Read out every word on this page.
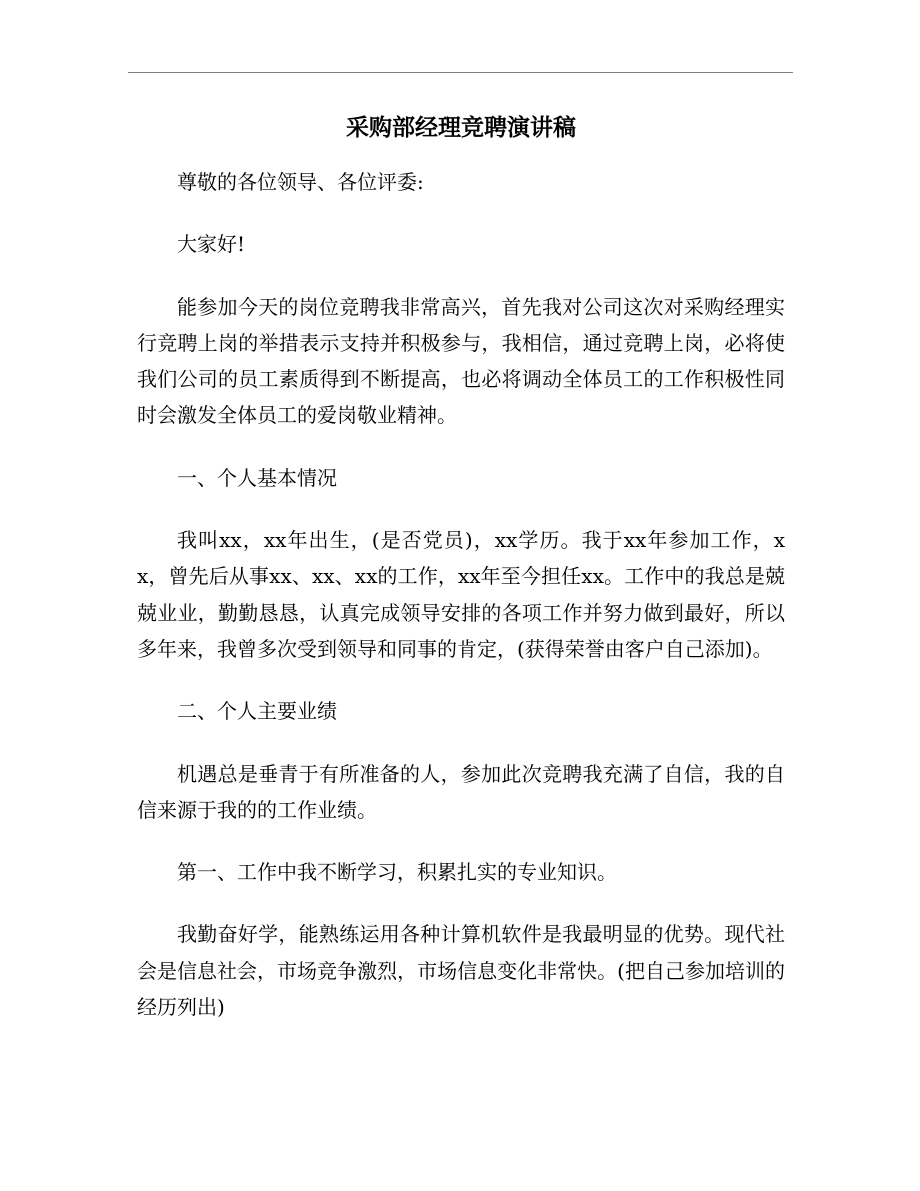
采购部经理竞聘演讲稿

尊敬的各位领导、各位评委:

大家好!

能参加今天的岗位竞聘我非常高兴，首先我对公司这次对采购经理实行竞聘上岗的举措表示支持并积极参与，我相信，通过竞聘上岗，必将使我们公司的员工素质得到不断提高，也必将调动全体员工的工作积极性同时会激发全体员工的爱岗敬业精神。

一、个人基本情况

我叫xx，xx年出生，(是否党员)，xx学历。我于xx年参加工作，xx，曾先后从事xx、xx、xx的工作，xx年至今担任xx。工作中的我总是兢兢业业，勤勤恳恳，认真完成领导安排的各项工作并努力做到最好，所以多年来，我曾多次受到领导和同事的肯定，(获得荣誉由客户自己添加)。

二、个人主要业绩

机遇总是垂青于有所准备的人，参加此次竞聘我充满了自信，我的自信来源于我的的工作业绩。

第一、工作中我不断学习，积累扎实的专业知识。

我勤奋好学，能熟练运用各种计算机软件是我最明显的优势。现代社会是信息社会，市场竞争激烈，市场信息变化非常快。(把自己参加培训的经历列出)
